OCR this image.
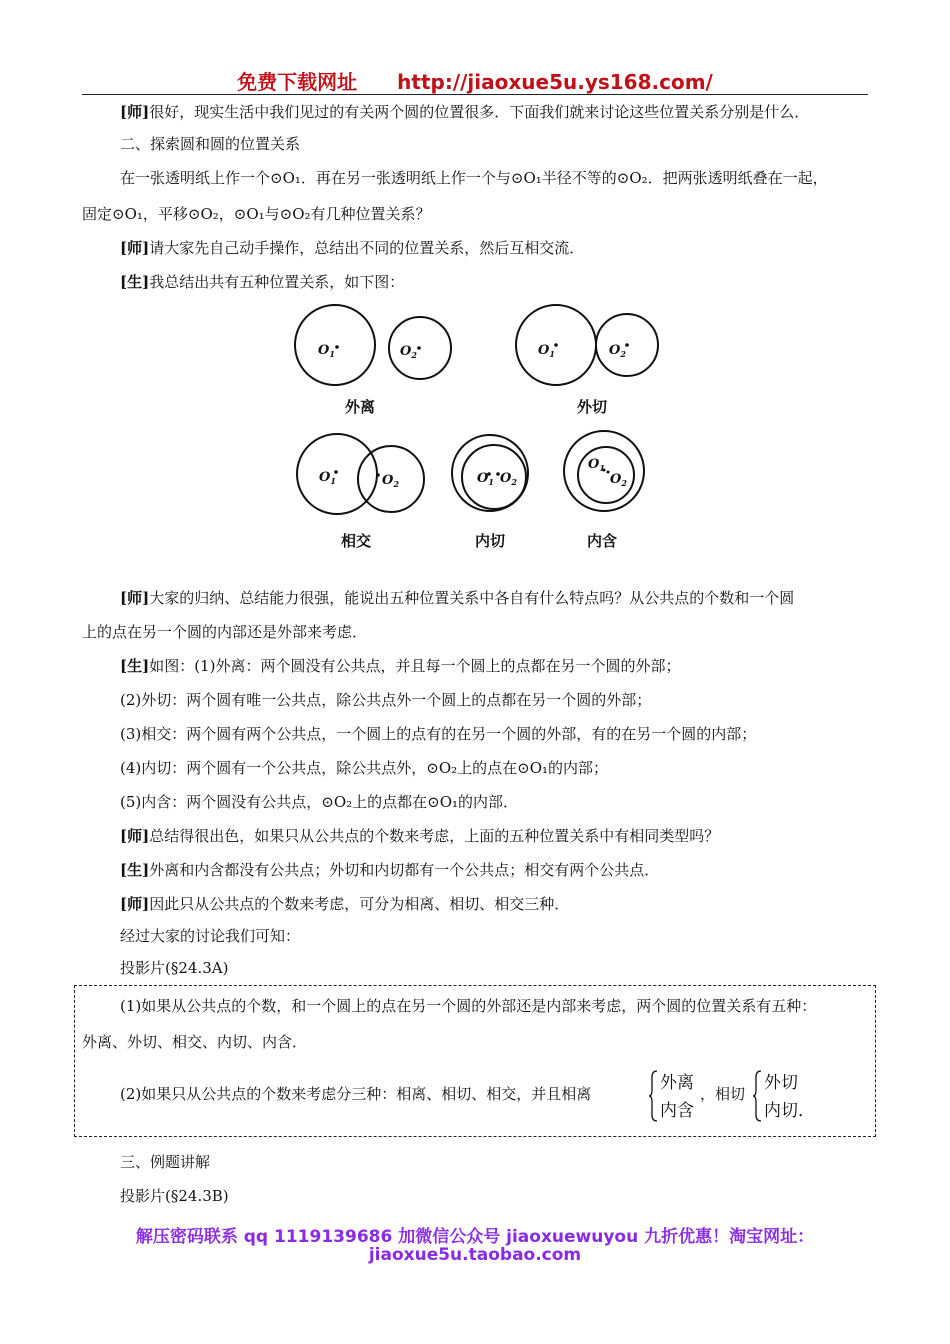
免费下载网址 http://jiaoxue5u.ys168.com/
[师]很好，现实生活中我们见过的有关两个圆的位置很多．下面我们就来讨论这些位置关系分别是什么．
二、探索圆和圆的位置关系
在一张透明纸上作一个⊙O₁．再在另一张透明纸上作一个与⊙O₁半径不等的⊙O₂．把两张透明纸叠在一起，
固定⊙O₁，平移⊙O₂，⊙O₁与⊙O₂有几种位置关系？
[师]请大家先自己动手操作，总结出不同的位置关系，然后互相交流．
[生]我总结出共有五种位置关系，如下图：
$O_1$	$O_2$	$O_1$	$O_2$
$O_1$	$O_2$	$O_1$ $O_2$
$O_1$
$O_2$
外离	外切
相交	内切	内含
[师]大家的归纳、总结能力很强，能说出五种位置关系中各自有什么特点吗？从公共点的个数和一个圆
上的点在另一个圆的内部还是外部来考虑．
[生]如图：(1)外离：两个圆没有公共点，并且每一个圆上的点都在另一个圆的外部；
(2)外切：两个圆有唯一公共点，除公共点外一个圆上的点都在另一个圆的外部；
(3)相交：两个圆有两个公共点，一个圆上的点有的在另一个圆的外部，有的在另一个圆的内部；
(4)内切：两个圆有一个公共点，除公共点外，⊙O₂上的点在⊙O₁的内部；
(5)内含：两个圆没有公共点，⊙O₂上的点都在⊙O₁的内部．
[师]总结得很出色，如果只从公共点的个数来考虑，上面的五种位置关系中有相同类型吗？
[生]外离和内含都没有公共点；外切和内切都有一个公共点；相交有两个公共点．
[师]因此只从公共点的个数来考虑，可分为相离、相切、相交三种．
经过大家的讨论我们可知：
投影片(§24.3A)
(1)如果从公共点的个数，和一个圆上的点在另一个圆的外部还是内部来考虑，两个圆的位置关系有五种：
外离、外切、相交、内切、内含．
(2)如果只从公共点的个数来考虑分三种：相离、相切、相交，并且相离
外离
内含
，相切
外切
内切．
三、例题讲解
投影片(§24.3B)
解压密码联系 qq 1119139686 加微信公众号 jiaoxuewuyou 九折优惠！淘宝网址：
jiaoxue5u.taobao.com
